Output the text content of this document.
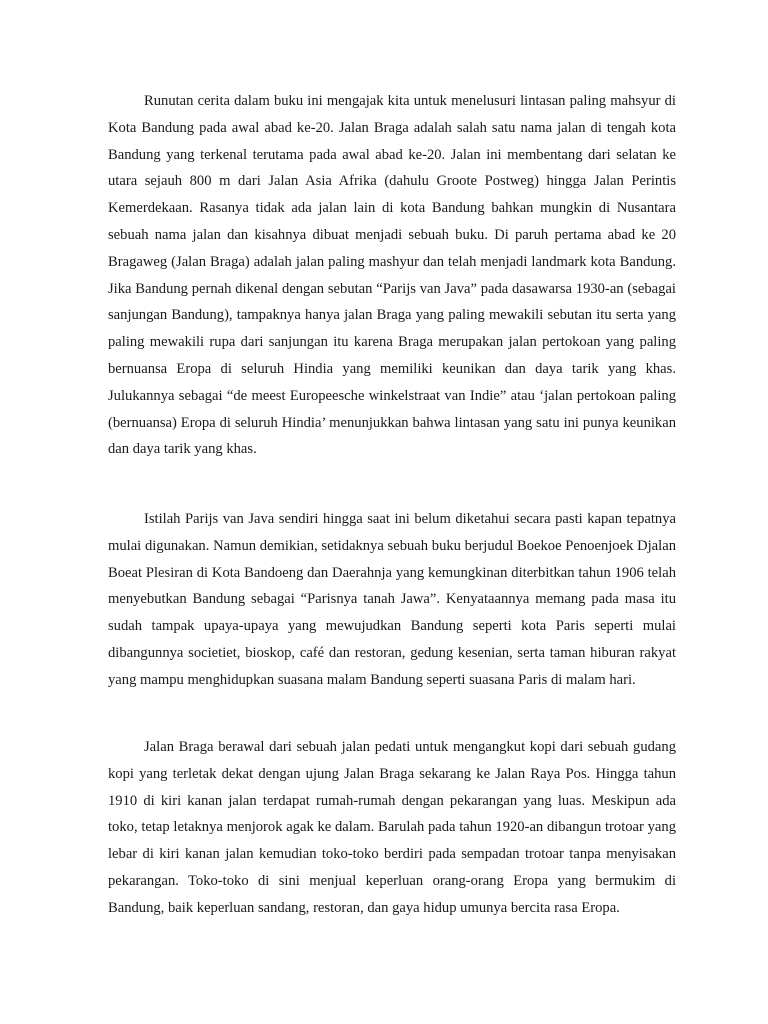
Runutan cerita dalam buku ini mengajak kita untuk menelusuri lintasan paling mahsyur di Kota Bandung pada awal abad ke-20. Jalan Braga adalah salah satu nama jalan di tengah kota Bandung yang terkenal terutama pada awal abad ke-20. Jalan ini membentang dari selatan ke utara sejauh 800 m dari Jalan Asia Afrika (dahulu Groote Postweg) hingga Jalan Perintis Kemerdekaan. Rasanya tidak ada jalan lain di kota Bandung bahkan mungkin di Nusantara sebuah nama jalan dan kisahnya dibuat menjadi sebuah buku. Di paruh pertama abad ke 20 Bragaweg (Jalan Braga) adalah jalan paling mashyur dan telah menjadi landmark kota Bandung. Jika Bandung pernah dikenal dengan sebutan “Parijs van Java” pada dasawarsa 1930-an (sebagai sanjungan Bandung), tampaknya hanya jalan Braga yang paling mewakili sebutan itu serta yang paling mewakili rupa dari sanjungan itu karena Braga merupakan jalan pertokoan yang paling bernuansa Eropa di seluruh Hindia yang memiliki keunikan dan daya tarik yang khas. Julukannya sebagai “de meest Europeesche winkelstraat van Indie” atau ‘jalan pertokoan paling (bernuansa) Eropa di seluruh Hindia’ menunjukkan bahwa lintasan yang satu ini punya keunikan dan daya tarik yang khas.

Istilah Parijs van Java sendiri hingga saat ini belum diketahui secara pasti kapan tepatnya mulai digunakan. Namun demikian, setidaknya sebuah buku berjudul Boekoe Penoenjoek Djalan Boeat Plesiran di Kota Bandoeng dan Daerahnja yang kemungkinan diterbitkan tahun 1906 telah menyebutkan Bandung sebagai “Parisnya tanah Jawa”. Kenyataannya memang pada masa itu sudah tampak upaya-upaya yang mewujudkan Bandung seperti kota Paris seperti mulai dibangunnya societiet, bioskop, café dan restoran, gedung kesenian, serta taman hiburan rakyat yang mampu menghidupkan suasana malam Bandung seperti suasana Paris di malam hari.

Jalan Braga berawal dari sebuah jalan pedati untuk mengangkut kopi dari sebuah gudang kopi yang terletak dekat dengan ujung Jalan Braga sekarang ke Jalan Raya Pos. Hingga tahun 1910 di kiri kanan jalan terdapat rumah-rumah dengan pekarangan yang luas. Meskipun ada toko, tetap letaknya menjorok agak ke dalam. Barulah pada tahun 1920-an dibangun trotoar yang lebar di kiri kanan jalan kemudian toko-toko berdiri pada sempadan trotoar tanpa menyisakan pekarangan. Toko-toko di sini menjual keperluan orang-orang Eropa yang bermukim di Bandung, baik keperluan sandang, restoran, dan gaya hidup umunya bercita rasa Eropa.
